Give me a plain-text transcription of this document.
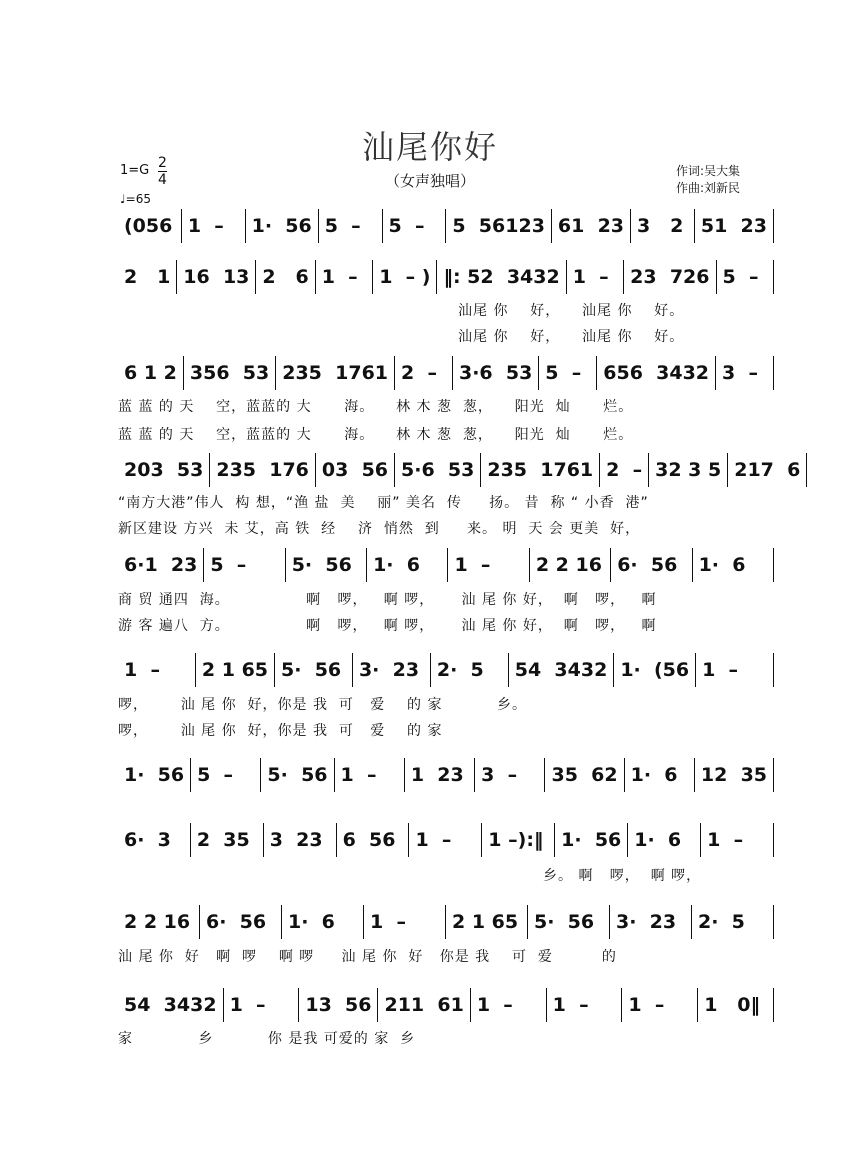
汕尾你好
（女声独唱）
1=G 2
4
♩=65
作词:吴大集
作曲:刘新民
(056 1  –	1·  56 5  –	5  –	5  56123 61  23 3   2 51  23
2   1 16  13 2   6 1  –	1  – ) ‖: 52  3432 1  –	23  726 5  –
汕尾 你    好，    汕尾 你    好。
汕尾 你    好，    汕尾 你    好。
6 1 2 356  53 235  1761 2  –	3·6  53 5  –	656  3432 3  –
蓝 蓝 的 天    空，蓝蓝的 大      海。    林 木 葱  葱，    阳光  灿      烂。
蓝 蓝 的 天    空，蓝蓝的 大      海。    林 木 葱  葱，    阳光  灿      烂。
203  53 235  176 03  56 5·6  53 235  1761 2  – 32 3 5 217  6
“南方大港”伟人  构 想，“渔 盐  美    丽” 美名  传     扬。 昔  称 “ 小香  港”
新区建设 方兴  未 艾，高 铁  经    济  悄然  到     来。 明  天 会 更美  好，
6·1  23 5  –	5·  56	1·  6	1  –	2 2 16 6·  56	1·  6
商 贸 通四  海。              啊   啰，   啊 啰，     汕 尾 你 好，  啊   啰，   啊
游 客 遍八  方。              啊   啰，   啊 啰，     汕 尾 你 好，  啊   啰，   啊
1  –	2 1 65 5·  56 3·  23 2·  5	54  3432 1·  (56 1  –
啰，      汕 尾 你  好，你是 我  可   爱    的 家          乡。
啰，      汕 尾 你  好，你是 我  可   爱    的 家
1·  56 5  –	5·  56 1  –	1  23 3  –	35  62 1·  6	12  35
6·  3	2  35	3  23	6  56	1  –	1 –):‖ 1·  56 1·  6	1  –
乡。 啊   啰，  啊 啰，
2 2 16 6·  56	1·  6	1  –	2 1 65 5·  56	3·  23	2·  5
汕 尾 你  好   啊  啰    啊 啰     汕 尾 你  好   你是 我    可  爱         的
54  3432 1  –	13  56 211  61 1  –	1  –	1  –	1   0‖
家            乡          你 是我 可爱的 家  乡
